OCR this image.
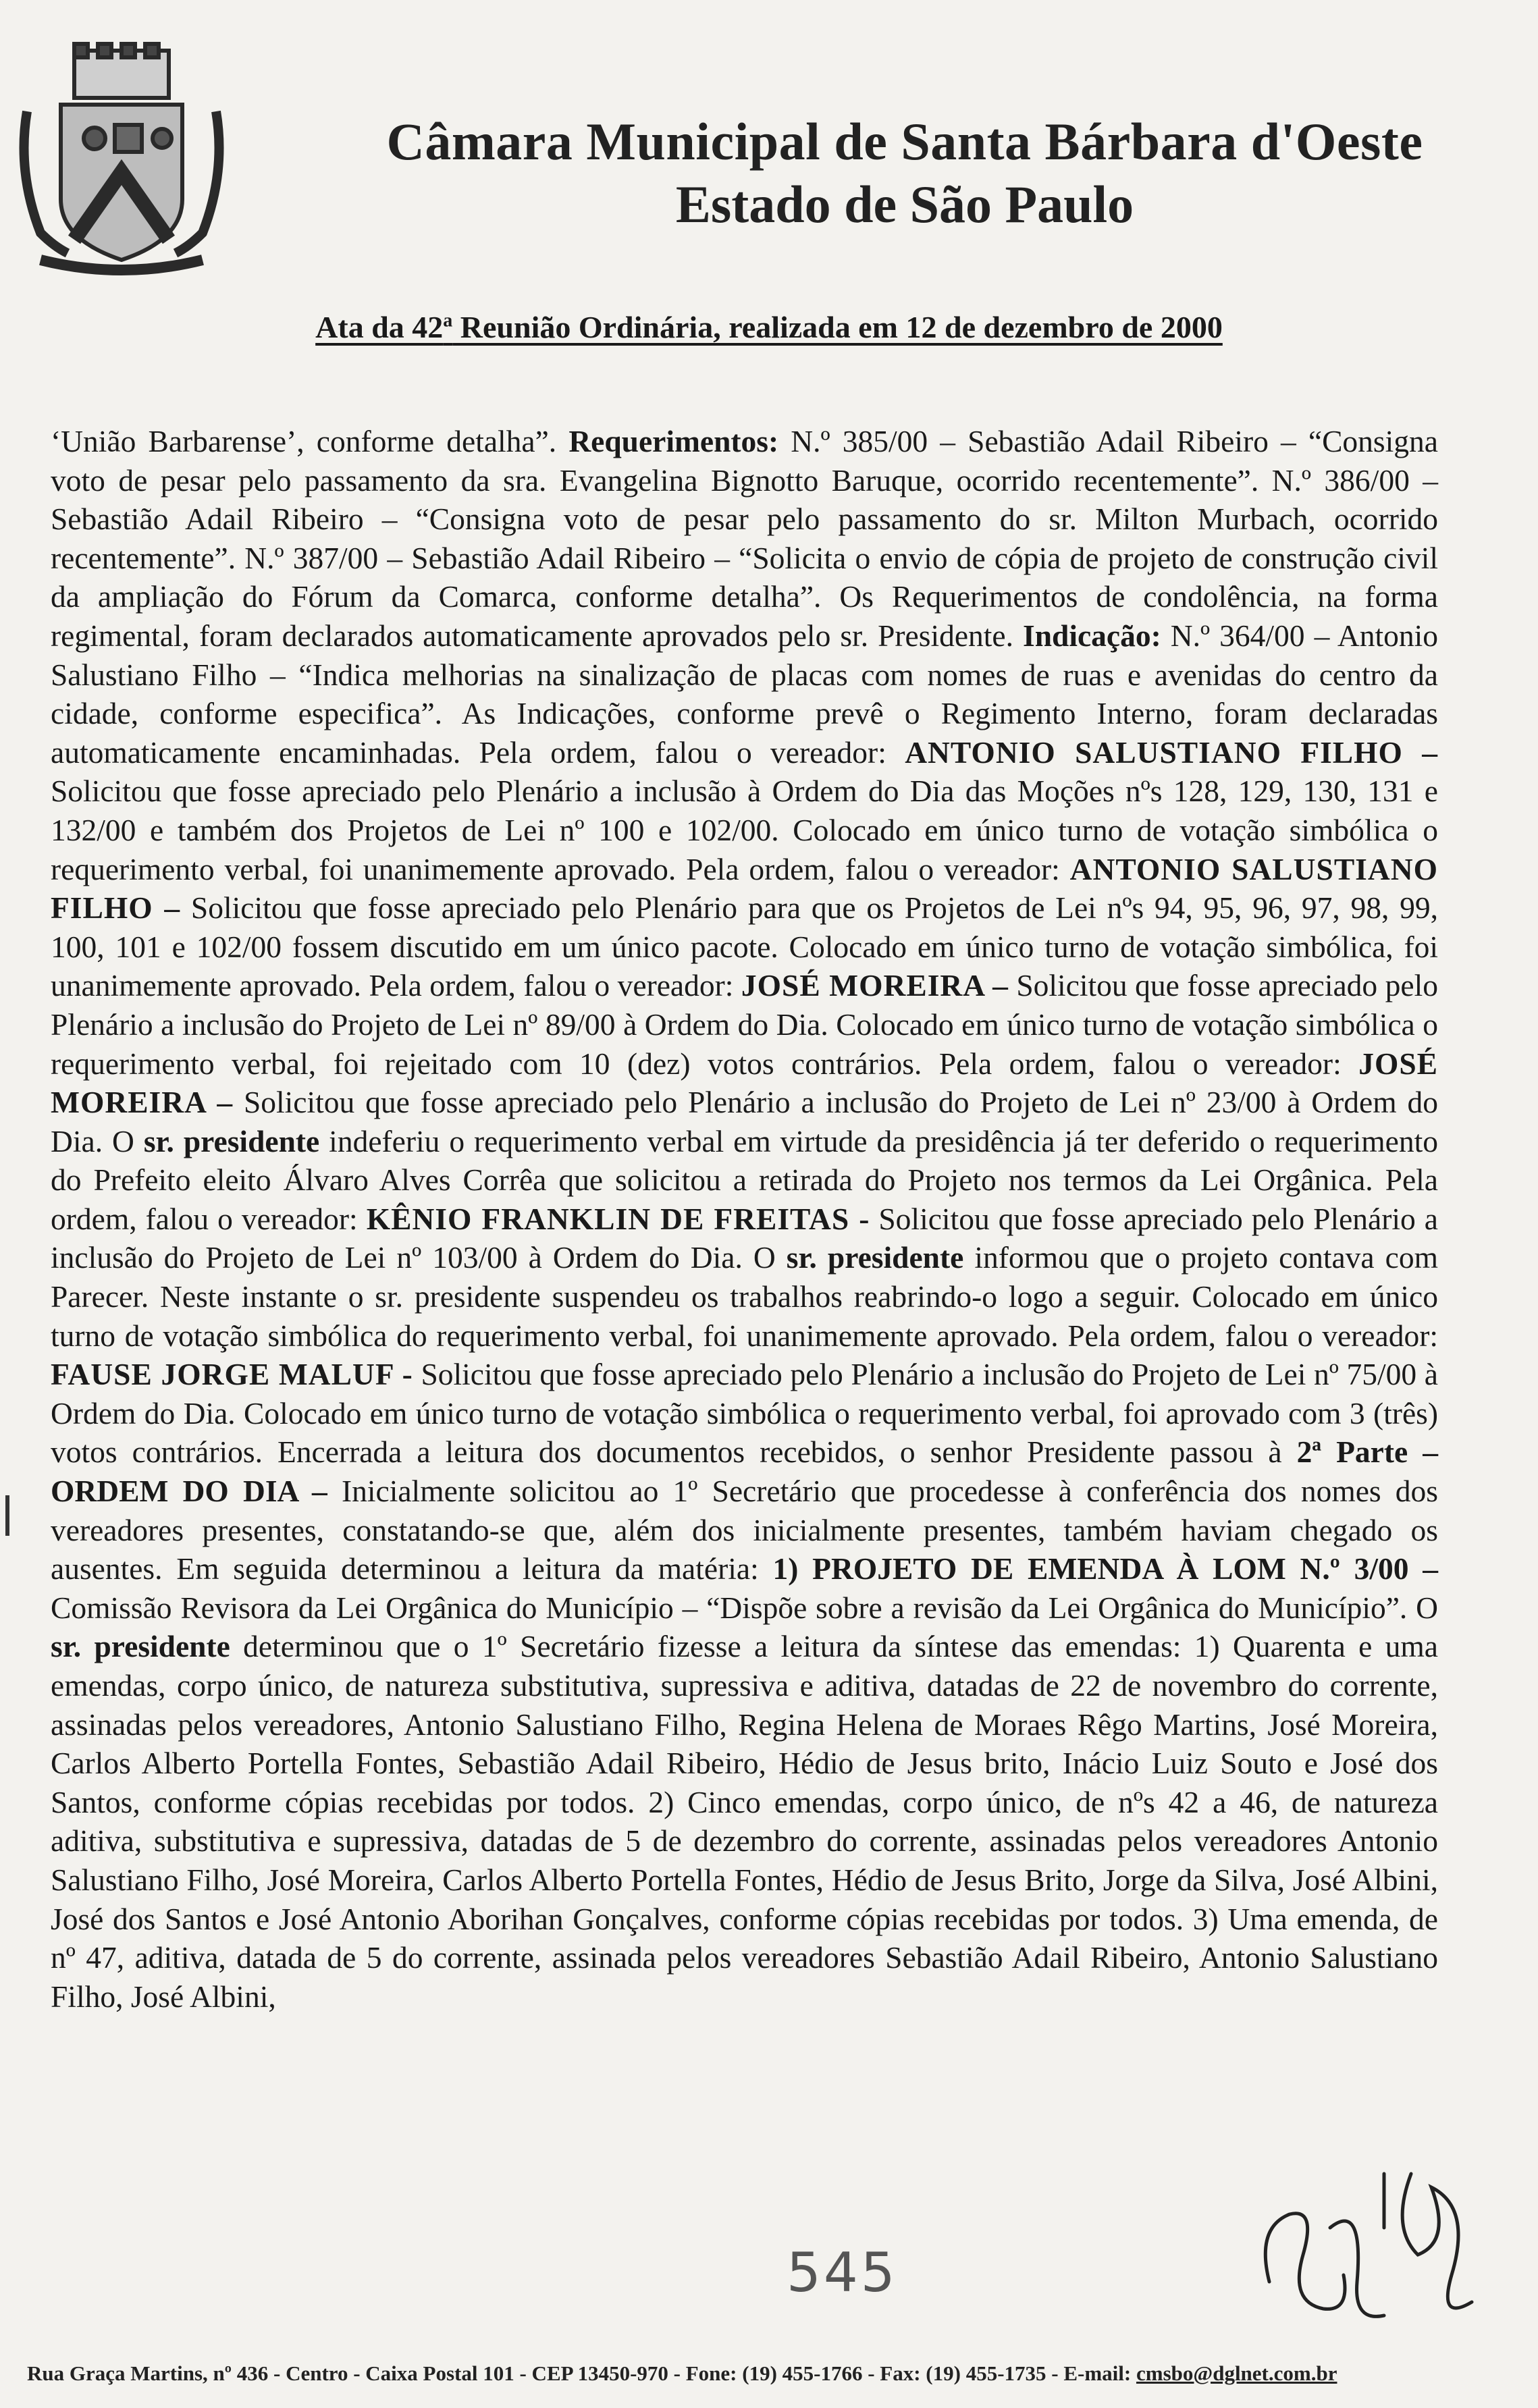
Câmara Municipal de Santa Bárbara d'Oeste
Estado de São Paulo
Ata da 42$^a$ Reunião Ordinária, realizada em 12 de dezembro de 2000

‘União Barbarense’, conforme detalha”. Requerimentos: N.º 385/00 – Sebastião Adail Ribeiro – “Consigna voto de pesar pelo passamento da sra. Evangelina Bignotto Baruque, ocorrido recentemente”. N.º 386/00 – Sebastião Adail Ribeiro – “Consigna voto de pesar pelo passamento do sr. Milton Murbach, ocorrido recentemente”. N.º 387/00 – Sebastião Adail Ribeiro – “Solicita o envio de cópia de projeto de construção civil da ampliação do Fórum da Comarca, conforme detalha”. Os Requerimentos de condolência, na forma regimental, foram declarados automaticamente aprovados pelo sr. Presidente. Indicação: N.º 364/00 – Antonio Salustiano Filho – “Indica melhorias na sinalização de placas com nomes de ruas e avenidas do centro da cidade, conforme especifica”. As Indicações, conforme prevê o Regimento Interno, foram declaradas automaticamente encaminhadas. Pela ordem, falou o vereador: ANTONIO SALUSTIANO FILHO – Solicitou que fosse apreciado pelo Plenário a inclusão à Ordem do Dia das Moções nºs 128, 129, 130, 131 e 132/00 e também dos Projetos de Lei nº 100 e 102/00. Colocado em único turno de votação simbólica o requerimento verbal, foi unanimemente aprovado. Pela ordem, falou o vereador: ANTONIO SALUSTIANO FILHO – Solicitou que fosse apreciado pelo Plenário para que os Projetos de Lei nºs 94, 95, 96, 97, 98, 99, 100, 101 e 102/00 fossem discutido em um único pacote. Colocado em único turno de votação simbólica, foi unanimemente aprovado. Pela ordem, falou o vereador: JOSÉ MOREIRA – Solicitou que fosse apreciado pelo Plenário a inclusão do Projeto de Lei nº 89/00 à Ordem do Dia. Colocado em único turno de votação simbólica o requerimento verbal, foi rejeitado com 10 (dez) votos contrários. Pela ordem, falou o vereador: JOSÉ MOREIRA – Solicitou que fosse apreciado pelo Plenário a inclusão do Projeto de Lei nº 23/00 à Ordem do Dia. O sr. presidente indeferiu o requerimento verbal em virtude da presidência já ter deferido o requerimento do Prefeito eleito Álvaro Alves Corrêa que solicitou a retirada do Projeto nos termos da Lei Orgânica. Pela ordem, falou o vereador: KÊNIO FRANKLIN DE FREITAS - Solicitou que fosse apreciado pelo Plenário a inclusão do Projeto de Lei nº 103/00 à Ordem do Dia. O sr. presidente informou que o projeto contava com Parecer. Neste instante o sr. presidente suspendeu os trabalhos reabrindo-o logo a seguir. Colocado em único turno de votação simbólica do requerimento verbal, foi unanimemente aprovado. Pela ordem, falou o vereador: FAUSE JORGE MALUF - Solicitou que fosse apreciado pelo Plenário a inclusão do Projeto de Lei nº 75/00 à Ordem do Dia. Colocado em único turno de votação simbólica o requerimento verbal, foi aprovado com 3 (três) votos contrários. Encerrada a leitura dos documentos recebidos, o senhor Presidente passou à 2ª Parte – ORDEM DO DIA – Inicialmente solicitou ao 1º Secretário que procedesse à conferência dos nomes dos vereadores presentes, constatando-se que, além dos inicialmente presentes, também haviam chegado os ausentes. Em seguida determinou a leitura da matéria: 1) PROJETO DE EMENDA À LOM N.º 3/00 – Comissão Revisora da Lei Orgânica do Município – “Dispõe sobre a revisão da Lei Orgânica do Município”. O sr. presidente determinou que o 1º Secretário fizesse a leitura da síntese das emendas: 1) Quarenta e uma emendas, corpo único, de natureza substitutiva, supressiva e aditiva, datadas de 22 de novembro do corrente, assinadas pelos vereadores, Antonio Salustiano Filho, Regina Helena de Moraes Rêgo Martins, José Moreira, Carlos Alberto Portella Fontes, Sebastião Adail Ribeiro, Hédio de Jesus brito, Inácio Luiz Souto e José dos Santos, conforme cópias recebidas por todos. 2) Cinco emendas, corpo único, de nºs 42 a 46, de natureza aditiva, substitutiva e supressiva, datadas de 5 de dezembro do corrente, assinadas pelos vereadores Antonio Salustiano Filho, José Moreira, Carlos Alberto Portella Fontes, Hédio de Jesus Brito, Jorge da Silva, José Albini, José dos Santos e José Antonio Aborihan Gonçalves, conforme cópias recebidas por todos. 3) Uma emenda, de nº 47, aditiva, datada de 5 do corrente, assinada pelos vereadores Sebastião Adail Ribeiro, Antonio Salustiano Filho, José Albini,

545
Rua Graça Martins, nº 436 - Centro - Caixa Postal 101 - CEP 13450-970 - Fone: (19) 455-1766 - Fax: (19) 455-1735 - E-mail: cmsbo@dglnet.com.br
